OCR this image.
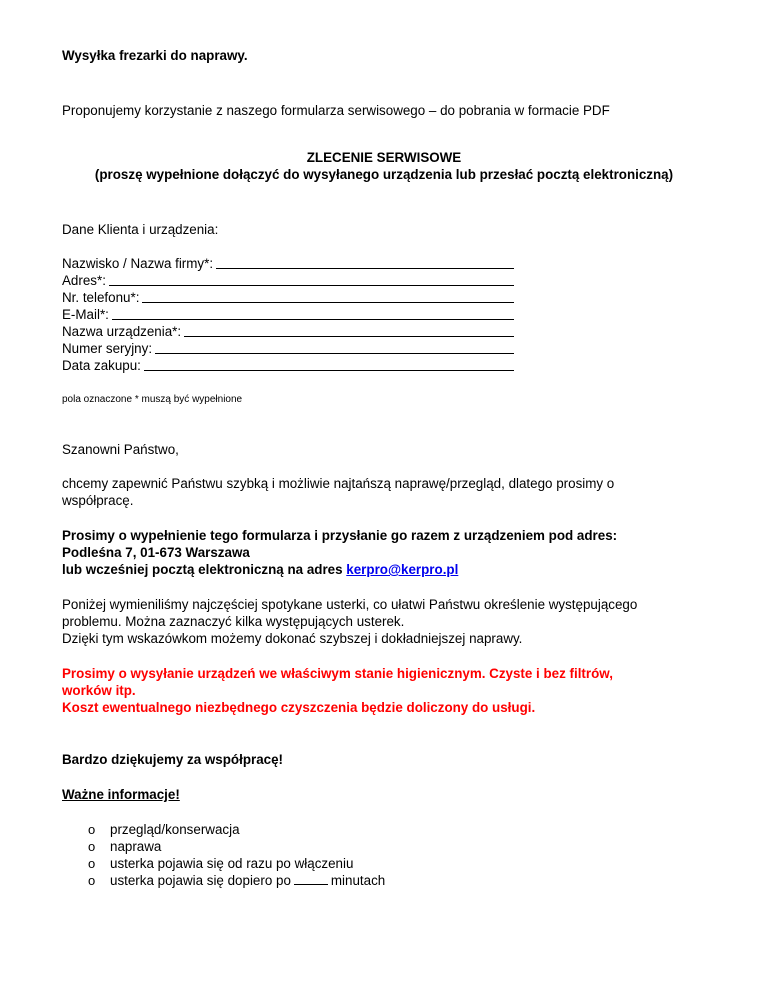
Wysyłka frezarki do naprawy.
Proponujemy korzystanie z naszego formularza serwisowego – do pobrania w formacie PDF
ZLECENIE SERWISOWE
(proszę wypełnione dołączyć do wysyłanego urządzenia lub przesłać pocztą elektroniczną)
Dane Klienta i urządzenia:
Nazwisko / Nazwa firmy*:
Adres*:
Nr. telefonu*:
E-Mail*:
Nazwa urządzenia*:
Numer seryjny:
Data zakupu:
pola oznaczone * muszą być wypełnione
Szanowni Państwo,
chcemy zapewnić Państwu szybką i możliwie najtańszą naprawę/przegląd, dlatego prosimy o
współpracę.
Prosimy o wypełnienie tego formularza i przysłanie go razem z urządzeniem pod adres:
Podleśna 7, 01-673 Warszawa
lub wcześniej pocztą elektroniczną na adres kerpro@kerpro.pl
Poniżej wymieniliśmy najczęściej spotykane usterki, co ułatwi Państwu określenie występującego
problemu. Można zaznaczyć kilka występujących usterek.
Dzięki tym wskazówkom możemy dokonać szybszej i dokładniejszej naprawy.
Prosimy o wysyłanie urządzeń we właściwym stanie higienicznym. Czyste i bez filtrów,
worków itp.
Koszt ewentualnego niezbędnego czyszczenia będzie doliczony do usługi.
Bardzo dziękujemy za współpracę!
Ważne informacje!
o przegląd/konserwacja
o naprawa
o usterka pojawia się od razu po włączeniu
o usterka pojawia się dopiero po	minutach
